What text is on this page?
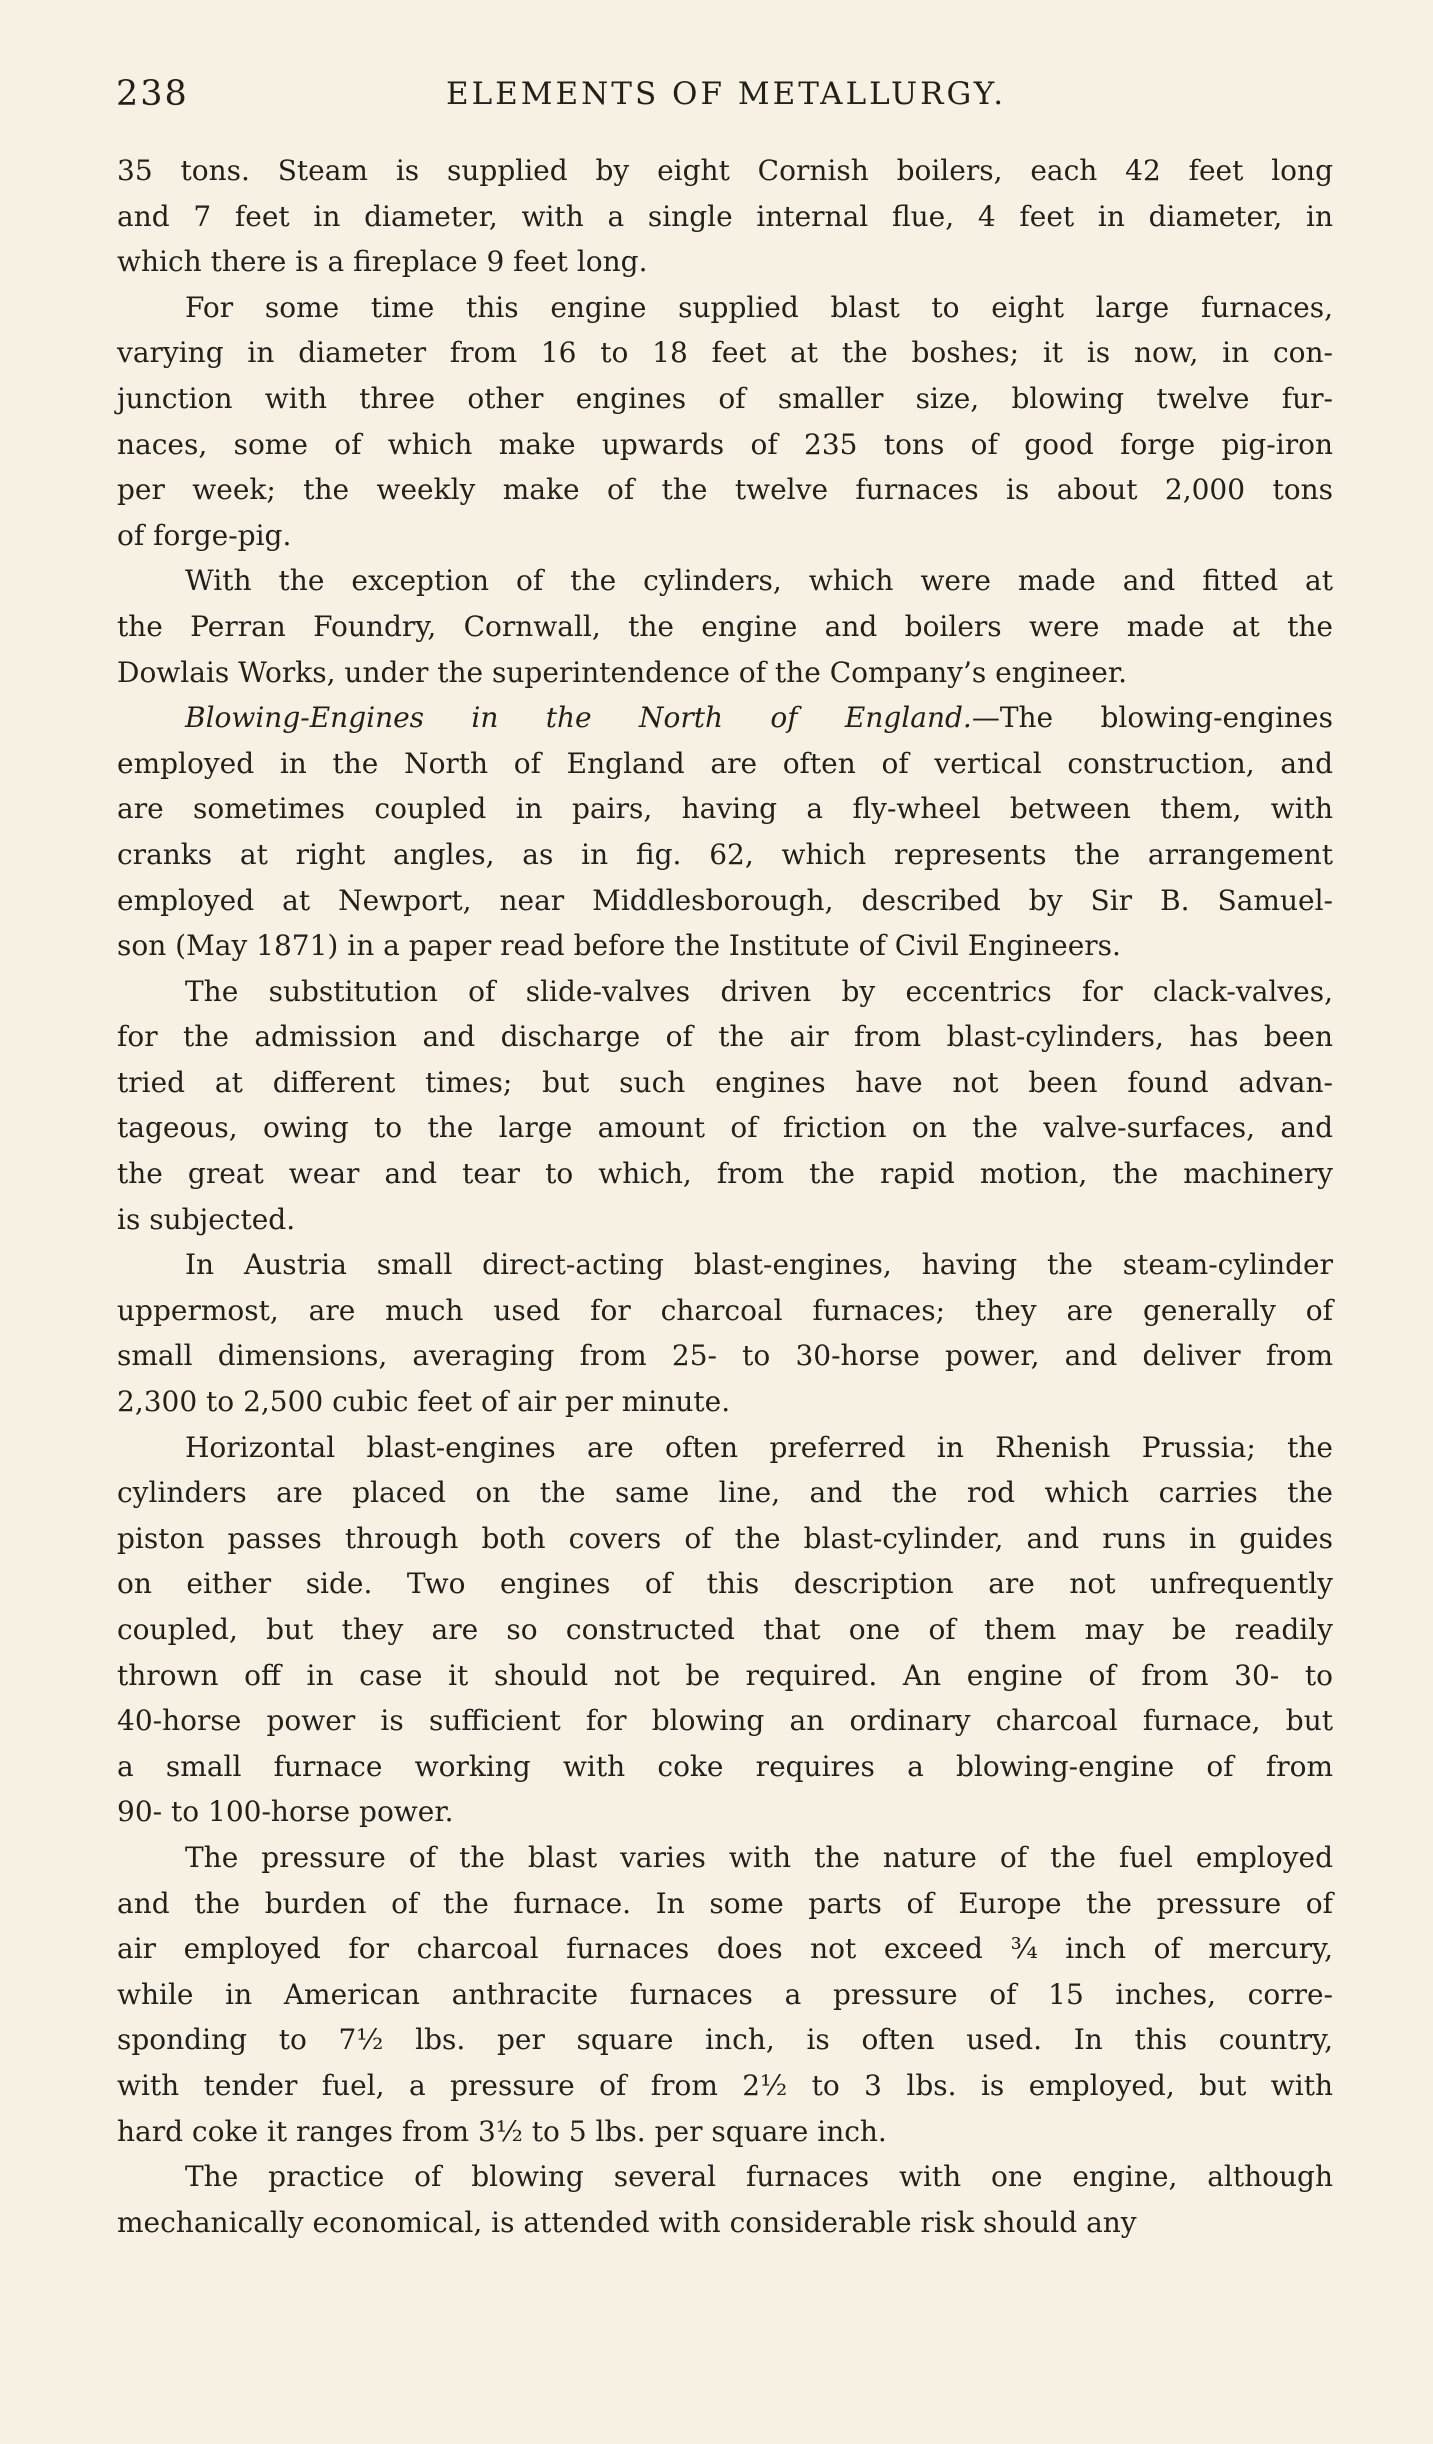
238	ELEMENTS OF METALLURGY.

35 tons. Steam is supplied by eight Cornish boilers, each 42 feet long
and 7 feet in diameter, with a single internal flue, 4 feet in diameter, in
which there is a fireplace 9 feet long.

For some time this engine supplied blast to eight large furnaces,
varying in diameter from 16 to 18 feet at the boshes; it is now, in con-
junction with three other engines of smaller size, blowing twelve fur-
naces, some of which make upwards of 235 tons of good forge pig-iron
per week; the weekly make of the twelve furnaces is about 2,000 tons
of forge-pig.

With the exception of the cylinders, which were made and fitted at
the Perran Foundry, Cornwall, the engine and boilers were made at the
Dowlais Works, under the superintendence of the Company’s engineer.

Blowing-Engines in the North of England.—The blowing-engines
employed in the North of England are often of vertical construction, and
are sometimes coupled in pairs, having a fly-wheel between them, with
cranks at right angles, as in fig. 62, which represents the arrangement
employed at Newport, near Middlesborough, described by Sir B. Samuel-
son (May 1871) in a paper read before the Institute of Civil Engineers.

The substitution of slide-valves driven by eccentrics for clack-valves,
for the admission and discharge of the air from blast-cylinders, has been
tried at different times; but such engines have not been found advan-
tageous, owing to the large amount of friction on the valve-surfaces, and
the great wear and tear to which, from the rapid motion, the machinery
is subjected.

In Austria small direct-acting blast-engines, having the steam-cylinder
uppermost, are much used for charcoal furnaces; they are generally of
small dimensions, averaging from 25- to 30-horse power, and deliver from
2,300 to 2,500 cubic feet of air per minute.

Horizontal blast-engines are often preferred in Rhenish Prussia; the
cylinders are placed on the same line, and the rod which carries the
piston passes through both covers of the blast-cylinder, and runs in guides
on either side. Two engines of this description are not unfrequently
coupled, but they are so constructed that one of them may be readily
thrown off in case it should not be required. An engine of from 30- to
40-horse power is sufficient for blowing an ordinary charcoal furnace, but
a small furnace working with coke requires a blowing-engine of from
90- to 100-horse power.

The pressure of the blast varies with the nature of the fuel employed
and the burden of the furnace. In some parts of Europe the pressure of
air employed for charcoal furnaces does not exceed ¾ inch of mercury,
while in American anthracite furnaces a pressure of 15 inches, corre-
sponding to 7½ lbs. per square inch, is often used. In this country,
with tender fuel, a pressure of from 2½ to 3 lbs. is employed, but with
hard coke it ranges from 3½ to 5 lbs. per square inch.

The practice of blowing several furnaces with one engine, although
mechanically economical, is attended with considerable risk should any
